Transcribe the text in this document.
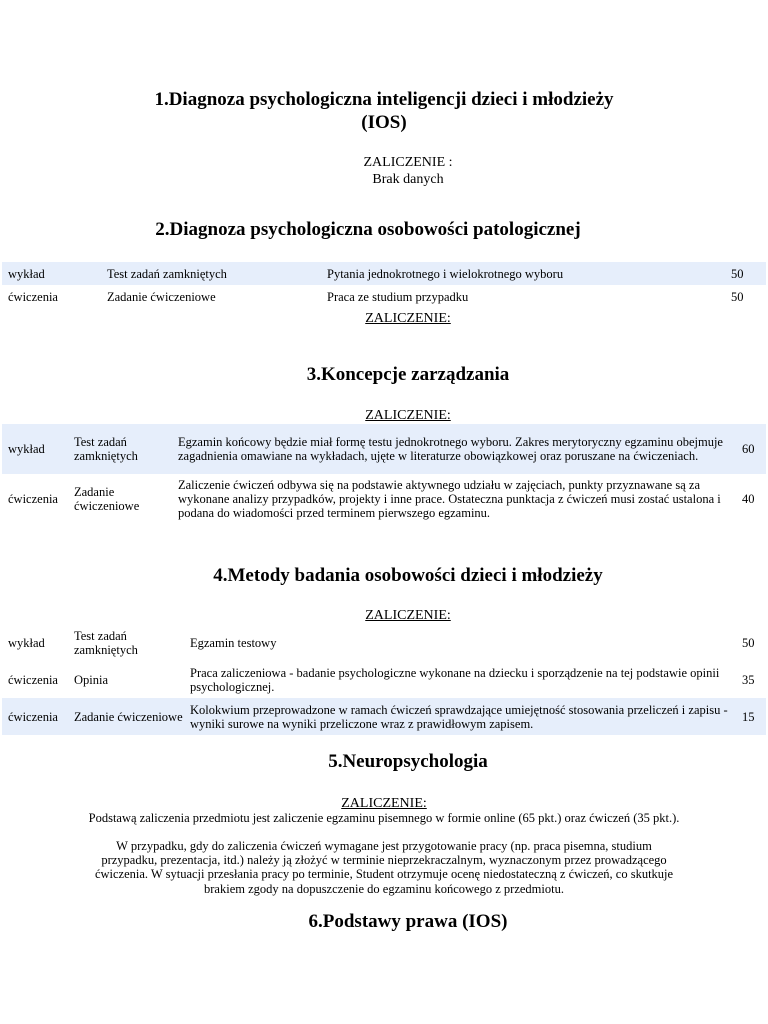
1.Diagnoza psychologiczna inteligencji dzieci i młodzieży
(IOS)
ZALICZENIE :
Brak danych
2.Diagnoza psychologiczna osobowości patologicznej
wykład	Test zadań zamkniętych	Pytania jednokrotnego i wielokrotnego wyboru	50
ćwiczenia	Zadanie ćwiczeniowe	Praca ze studium przypadku	50
ZALICZENIE:
3.Koncepcje zarządzania
ZALICZENIE:
wykład	Test zadań zamkniętych	Egzamin końcowy będzie miał formę testu jednokrotnego wyboru. Zakres merytoryczny egzaminu obejmuje zagadnienia omawiane na wykładach, ujęte w literaturze obowiązkowej oraz poruszane na ćwiczeniach.	60
ćwiczenia	Zadanie ćwiczeniowe	Zaliczenie ćwiczeń odbywa się na podstawie aktywnego udziału w zajęciach, punkty przyznawane są za wykonane analizy przypadków, projekty i inne prace. Ostateczna punktacja z ćwiczeń musi zostać ustalona i podana do wiadomości przed terminem pierwszego egzaminu.	40
4.Metody badania osobowości dzieci i młodzieży
ZALICZENIE:
wykład	Test zadań zamkniętych	Egzamin testowy	50
ćwiczenia	Opinia	Praca zaliczeniowa - badanie psychologiczne wykonane na dziecku i sporządzenie na tej podstawie opinii psychologicznej.	35
ćwiczenia	Zadanie ćwiczeniowe	Kolokwium przeprowadzone w ramach ćwiczeń sprawdzające umiejętność stosowania przeliczeń i zapisu - wyniki surowe na wyniki przeliczone wraz z prawidłowym zapisem.	15
5.Neuropsychologia
ZALICZENIE:
Podstawą zaliczenia przedmiotu jest zaliczenie egzaminu pisemnego w formie online (65 pkt.) oraz ćwiczeń (35 pkt.).
W przypadku, gdy do zaliczenia ćwiczeń wymagane jest przygotowanie pracy (np. praca pisemna, studium przypadku, prezentacja, itd.) należy ją złożyć w terminie nieprzekraczalnym, wyznaczonym przez prowadzącego ćwiczenia. W sytuacji przesłania pracy po terminie, Student otrzymuje ocenę niedostateczną z ćwiczeń, co skutkuje brakiem zgody na dopuszczenie do egzaminu końcowego z przedmiotu.
6.Podstawy prawa (IOS)
